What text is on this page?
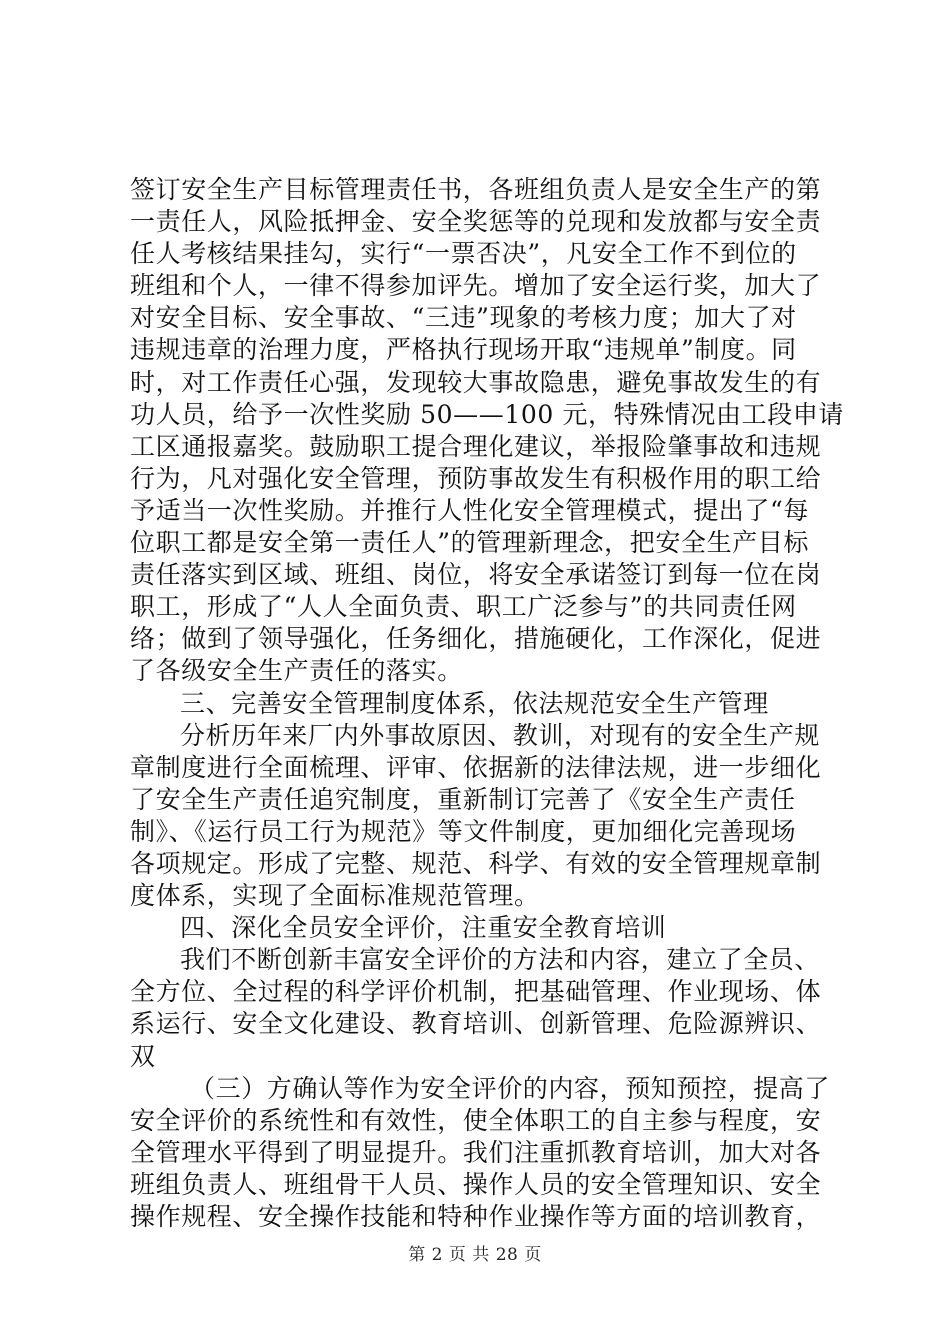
签订安全生产目标管理责任书，各班组负责人是安全生产的第
一责任人，风险抵押金、安全奖惩等的兑现和发放都与安全责
任人考核结果挂勾，实行“一票否决”，凡安全工作不到位的
班组和个人，一律不得参加评先。增加了安全运行奖，加大了
对安全目标、安全事故、“三违”现象的考核力度；加大了对
违规违章的治理力度，严格执行现场开取“违规单”制度。同
时，对工作责任心强，发现较大事故隐患，避免事故发生的有
功人员，给予一次性奖励 50——100 元，特殊情况由工段申请
工区通报嘉奖。鼓励职工提合理化建议，举报险肇事故和违规
行为，凡对强化安全管理，预防事故发生有积极作用的职工给
予适当一次性奖励。并推行人性化安全管理模式，提出了“每
位职工都是安全第一责任人”的管理新理念，把安全生产目标
责任落实到区域、班组、岗位，将安全承诺签订到每一位在岗
职工，形成了“人人全面负责、职工广泛参与”的共同责任网
络；做到了领导强化，任务细化，措施硬化，工作深化，促进
了各级安全生产责任的落实。
三、完善安全管理制度体系，依法规范安全生产管理
分析历年来厂内外事故原因、教训，对现有的安全生产规
章制度进行全面梳理、评审、依据新的法律法规，进一步细化
了安全生产责任追究制度，重新制订完善了《安全生产责任
制》、《运行员工行为规范》等文件制度，更加细化完善现场
各项规定。形成了完整、规范、科学、有效的安全管理规章制
度体系，实现了全面标准规范管理。
四、深化全员安全评价，注重安全教育培训
我们不断创新丰富安全评价的方法和内容，建立了全员、
全方位、全过程的科学评价机制，把基础管理、作业现场、体
系运行、安全文化建设、教育培训、创新管理、危险源辨识、
双
（三）方确认等作为安全评价的内容，预知预控，提高了
安全评价的系统性和有效性，使全体职工的自主参与程度，安
全管理水平得到了明显提升。我们注重抓教育培训，加大对各
班组负责人、班组骨干人员、操作人员的安全管理知识、安全
操作规程、安全操作技能和特种作业操作等方面的培训教育，
第 2 页 共 28 页
